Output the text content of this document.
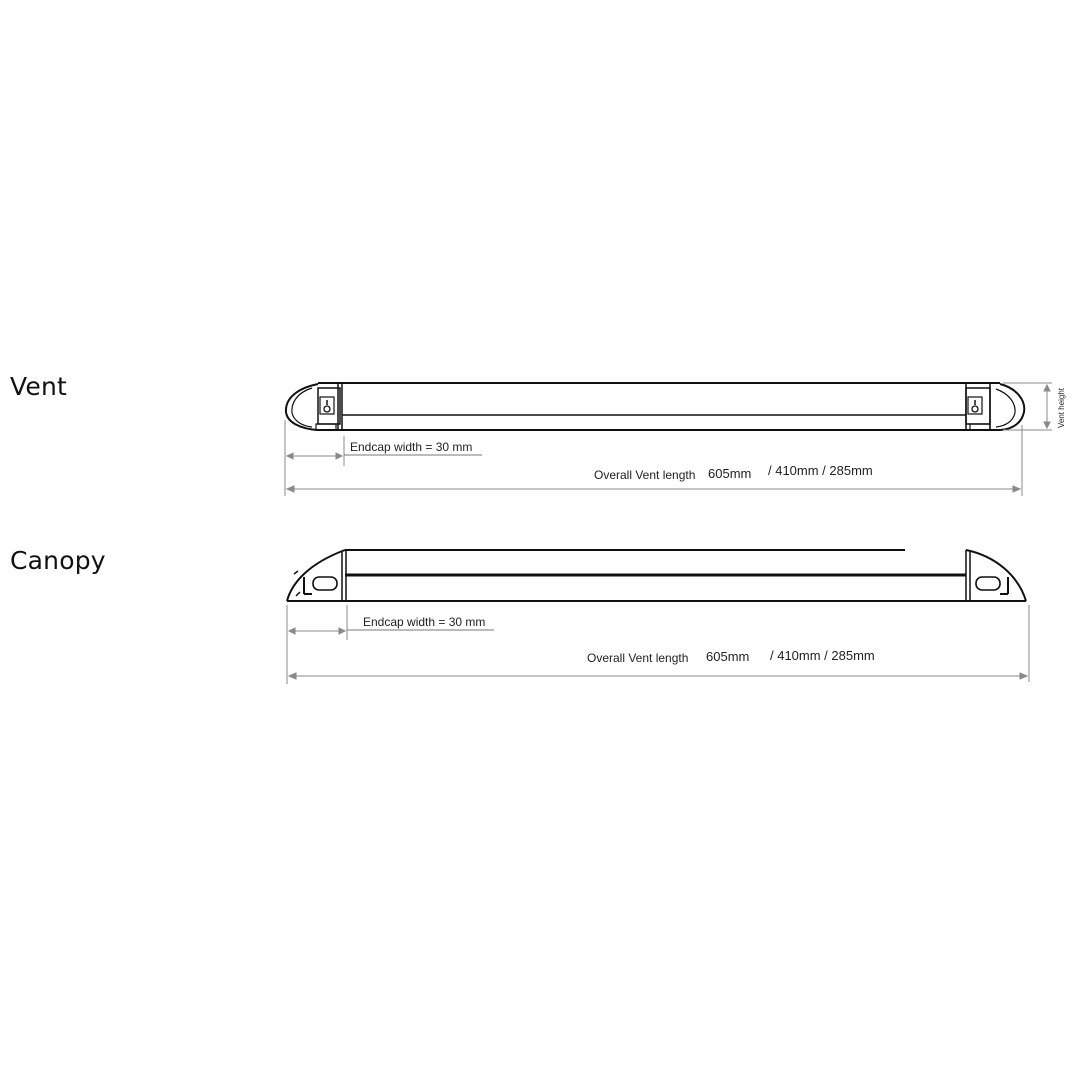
Vent
Canopy
Endcap width = 30 mm
Overall Vent length 605mm / 410mm / 285mm
Vent height
Endcap width = 30 mm
Overall Vent length 605mm / 410mm / 285mm
